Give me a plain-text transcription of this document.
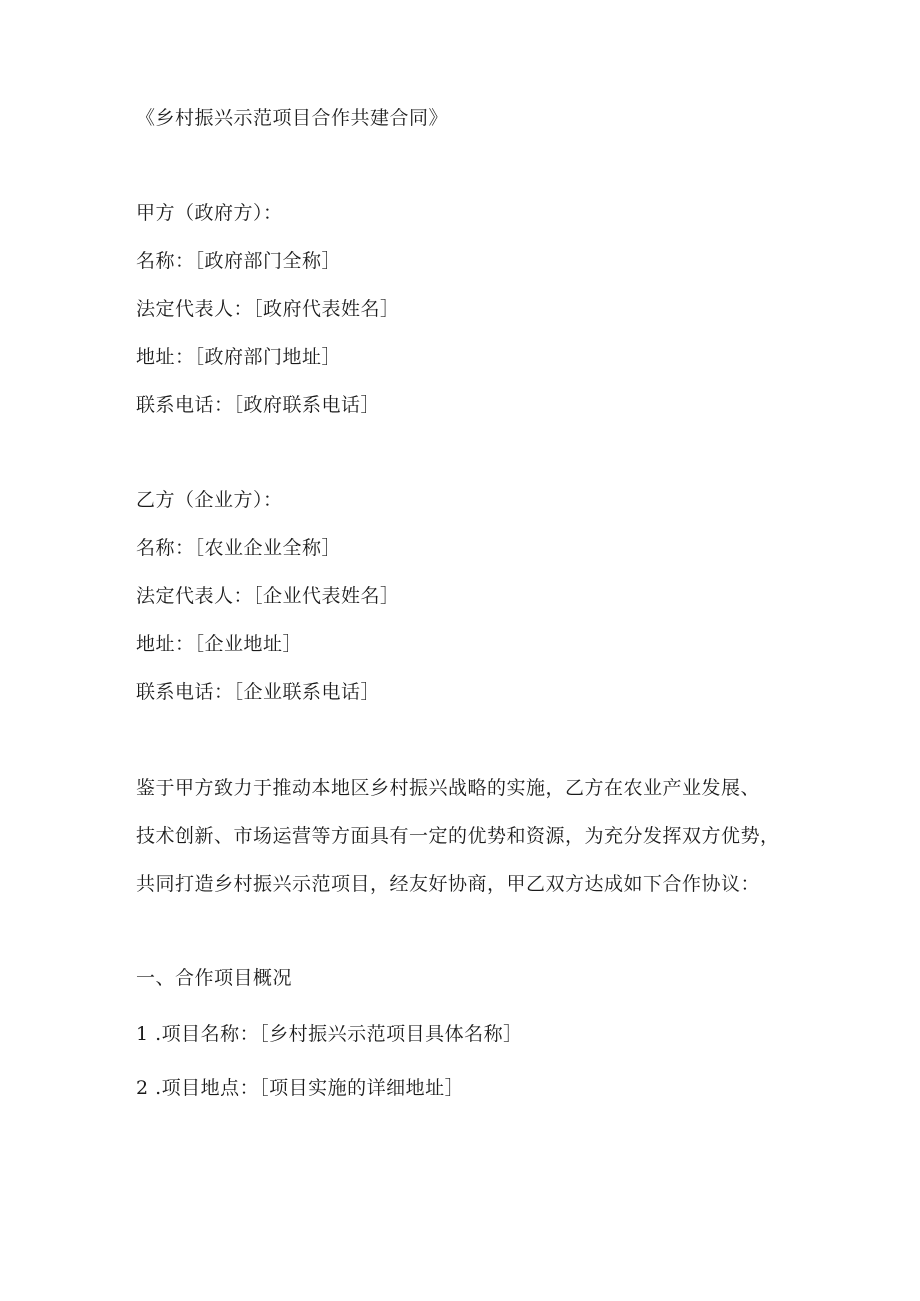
《乡村振兴示范项目合作共建合同》
甲方（政府方）：
名称：［政府部门全称］
法定代表人：［政府代表姓名］
地址：［政府部门地址］
联系电话：［政府联系电话］
乙方（企业方）：
名称：［农业企业全称］
法定代表人：［企业代表姓名］
地址：［企业地址］
联系电话：［企业联系电话］
鉴于甲方致力于推动本地区乡村振兴战略的实施，乙方在农业产业发展、
技术创新、市场运营等方面具有一定的优势和资源，为充分发挥双方优势，
共同打造乡村振兴示范项目，经友好协商，甲乙双方达成如下合作协议：
一、合作项目概况
1 .项目名称：［乡村振兴示范项目具体名称］
2 .项目地点：［项目实施的详细地址］
